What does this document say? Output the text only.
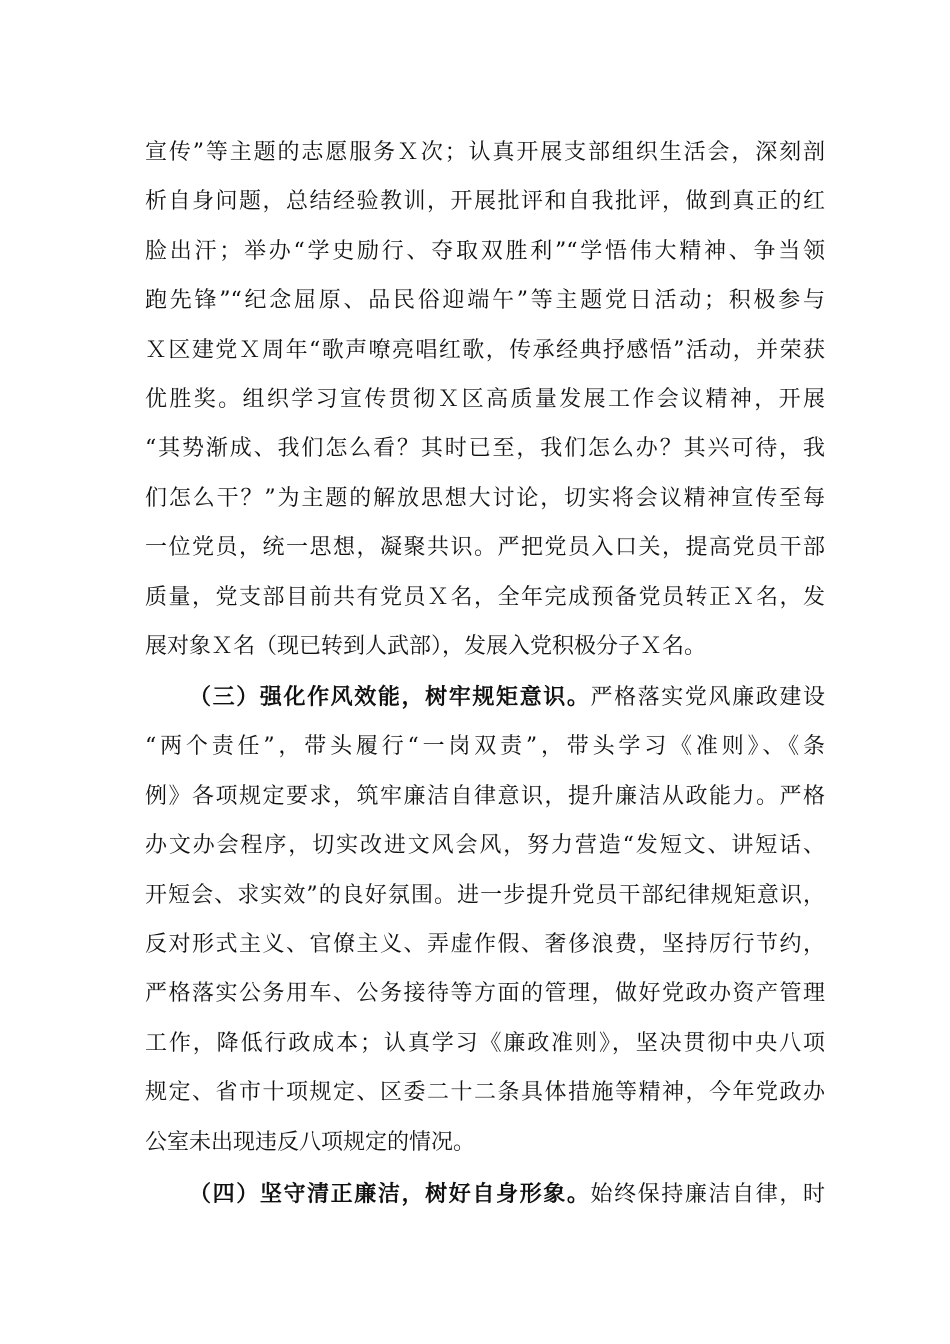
宣传”等主题的志愿服务Ｘ次；认真开展支部组织生活会，深刻剖
析自身问题，总结经验教训，开展批评和自我批评，做到真正的红
脸出汗；举办“学史励行、夺取双胜利”“学悟伟大精神、争当领
跑先锋”“纪念屈原、品民俗迎端午”等主题党日活动；积极参与
Ｘ区建党Ｘ周年“歌声嘹亮唱红歌，传承经典抒感悟”活动，并荣获
优胜奖。组织学习宣传贯彻Ｘ区高质量发展工作会议精神，开展
“其势渐成、我们怎么看？其时已至，我们怎么办？其兴可待，我
们怎么干？”为主题的解放思想大讨论，切实将会议精神宣传至每
一位党员，统一思想，凝聚共识。严把党员入口关，提高党员干部
质量，党支部目前共有党员Ｘ名，全年完成预备党员转正Ｘ名，发
展对象Ｘ名（现已转到人武部），发展入党积极分子Ｘ名。
（三）强化作风效能，树牢规矩意识。严格落实党风廉政建设
“两个责任”，带头履行“一岗双责”，带头学习《准则》、《条
例》各项规定要求，筑牢廉洁自律意识，提升廉洁从政能力。严格
办文办会程序，切实改进文风会风，努力营造“发短文、讲短话、
开短会、求实效”的良好氛围。进一步提升党员干部纪律规矩意识，
反对形式主义、官僚主义、弄虚作假、奢侈浪费，坚持厉行节约，
严格落实公务用车、公务接待等方面的管理，做好党政办资产管理
工作，降低行政成本；认真学习《廉政准则》，坚决贯彻中央八项
规定、省市十项规定、区委二十二条具体措施等精神，今年党政办
公室未出现违反八项规定的情况。
（四）坚守清正廉洁，树好自身形象。始终保持廉洁自律，时
